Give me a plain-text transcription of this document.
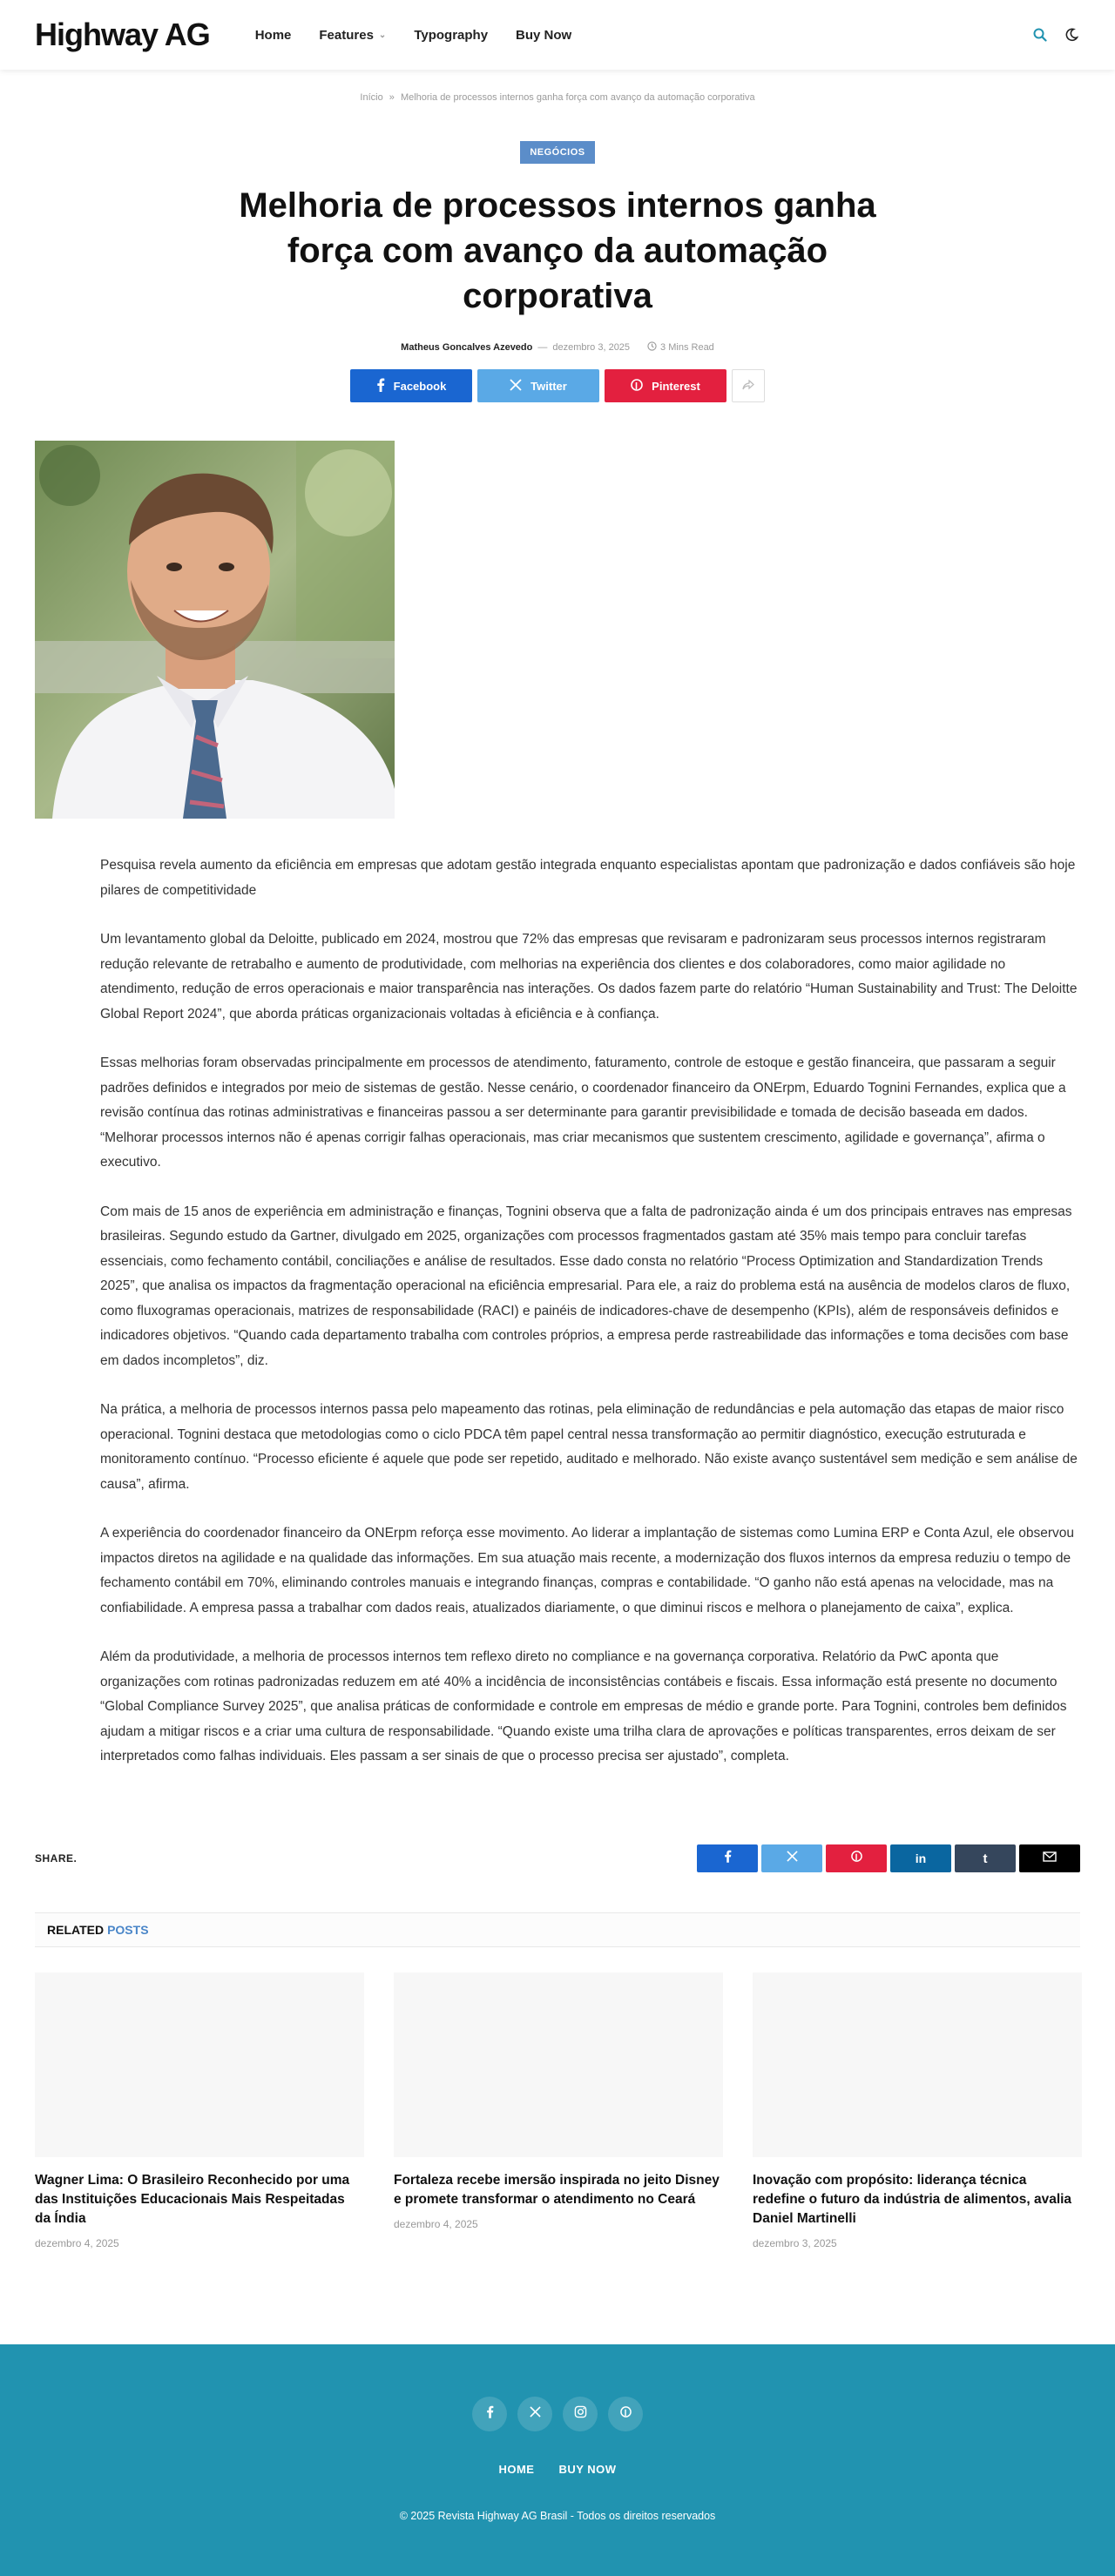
Highway AG	Home Features ⌄ Typography Buy Now
Início » Melhoria de processos internos ganha força com avanço da automação corporativa
NEGÓCIOS
Melhoria de processos internos ganha força com avanço da automação corporativa
Matheus Goncalves Azevedo — dezembro 3, 2025	3 Mins Read
Facebook	Twitter	Pinterest

Pesquisa revela aumento da eficiência em empresas que adotam gestão integrada enquanto especialistas apontam que padronização e dados confiáveis são hoje pilares de competitividade

Um levantamento global da Deloitte, publicado em 2024, mostrou que 72% das empresas que revisaram e padronizaram seus processos internos registraram redução relevante de retrabalho e aumento de produtividade, com melhorias na experiência dos clientes e dos colaboradores, como maior agilidade no atendimento, redução de erros operacionais e maior transparência nas interações. Os dados fazem parte do relatório “Human Sustainability and Trust: The Deloitte Global Report 2024”, que aborda práticas organizacionais voltadas à eficiência e à confiança.

Essas melhorias foram observadas principalmente em processos de atendimento, faturamento, controle de estoque e gestão financeira, que passaram a seguir padrões definidos e integrados por meio de sistemas de gestão. Nesse cenário, o coordenador financeiro da ONErpm, Eduardo Tognini Fernandes, explica que a revisão contínua das rotinas administrativas e financeiras passou a ser determinante para garantir previsibilidade e tomada de decisão baseada em dados. “Melhorar processos internos não é apenas corrigir falhas operacionais, mas criar mecanismos que sustentem crescimento, agilidade e governança”, afirma o executivo.

Com mais de 15 anos de experiência em administração e finanças, Tognini observa que a falta de padronização ainda é um dos principais entraves nas empresas brasileiras. Segundo estudo da Gartner, divulgado em 2025, organizações com processos fragmentados gastam até 35% mais tempo para concluir tarefas essenciais, como fechamento contábil, conciliações e análise de resultados. Esse dado consta no relatório “Process Optimization and Standardization Trends 2025”, que analisa os impactos da fragmentação operacional na eficiência empresarial. Para ele, a raiz do problema está na ausência de modelos claros de fluxo, como fluxogramas operacionais, matrizes de responsabilidade (RACI) e painéis de indicadores-chave de desempenho (KPIs), além de responsáveis definidos e indicadores objetivos. “Quando cada departamento trabalha com controles próprios, a empresa perde rastreabilidade das informações e toma decisões com base em dados incompletos”, diz.

Na prática, a melhoria de processos internos passa pelo mapeamento das rotinas, pela eliminação de redundâncias e pela automação das etapas de maior risco operacional. Tognini destaca que metodologias como o ciclo PDCA têm papel central nessa transformação ao permitir diagnóstico, execução estruturada e monitoramento contínuo. “Processo eficiente é aquele que pode ser repetido, auditado e melhorado. Não existe avanço sustentável sem medição e sem análise de causa”, afirma.

A experiência do coordenador financeiro da ONErpm reforça esse movimento. Ao liderar a implantação de sistemas como Lumina ERP e Conta Azul, ele observou impactos diretos na agilidade e na qualidade das informações. Em sua atuação mais recente, a modernização dos fluxos internos da empresa reduziu o tempo de fechamento contábil em 70%, eliminando controles manuais e integrando finanças, compras e contabilidade. “O ganho não está apenas na velocidade, mas na confiabilidade. A empresa passa a trabalhar com dados reais, atualizados diariamente, o que diminui riscos e melhora o planejamento de caixa”, explica.

Além da produtividade, a melhoria de processos internos tem reflexo direto no compliance e na governança corporativa. Relatório da PwC aponta que organizações com rotinas padronizadas reduzem em até 40% a incidência de inconsistências contábeis e fiscais. Essa informação está presente no documento “Global Compliance Survey 2025”, que analisa práticas de conformidade e controle em empresas de médio e grande porte. Para Tognini, controles bem definidos ajudam a mitigar riscos e a criar uma cultura de responsabilidade. “Quando existe uma trilha clara de aprovações e políticas transparentes, erros deixam de ser interpretados como falhas individuais. Eles passam a ser sinais de que o processo precisa ser ajustado”, completa.

SHARE.	in	t
RELATED POSTS
Wagner Lima: O Brasileiro Reconhecido por uma das Instituições Educacionais Mais Respeitadas da Índia
dezembro 4, 2025
Fortaleza recebe imersão inspirada no jeito Disney e promete transformar o atendimento no Ceará
dezembro 4, 2025
Inovação com propósito: liderança técnica redefine o futuro da indústria de alimentos, avalia Daniel Martinelli
dezembro 3, 2025
HOME BUY NOW
© 2025 Revista Highway AG Brasil - Todos os direitos reservados
